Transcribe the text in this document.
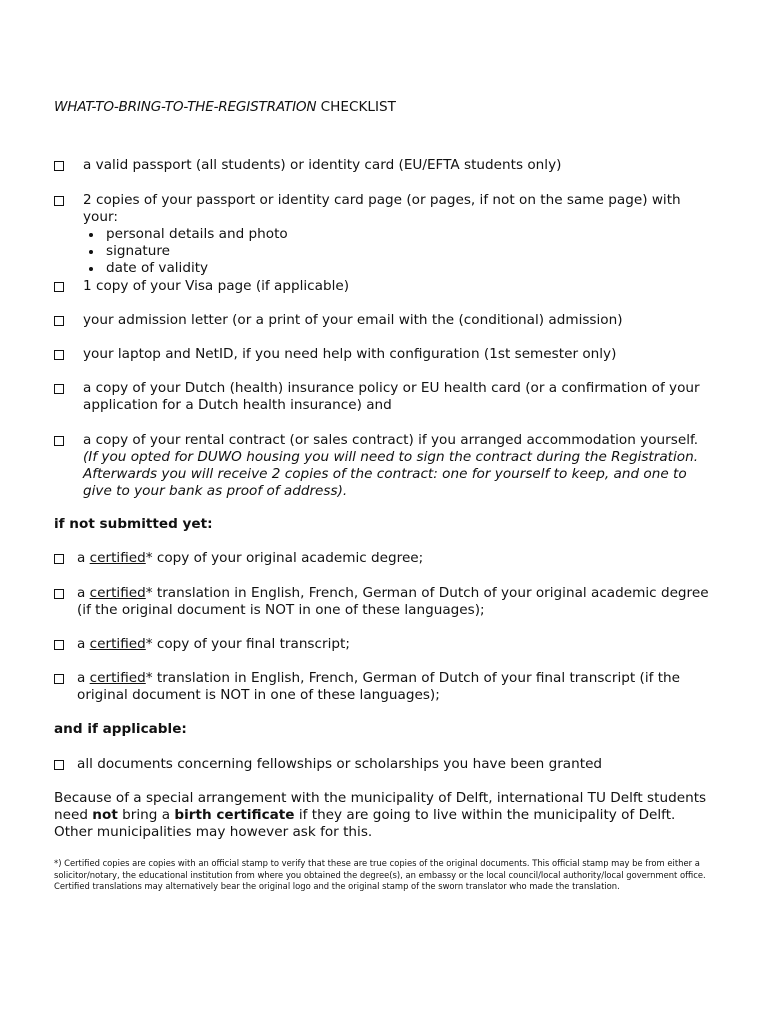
WHAT-TO-BRING-TO-THE-REGISTRATION CHECKLIST
a valid passport (all students) or identity card (EU/EFTA students only)
2 copies of your passport or identity card page (or pages, if not on the same page) with your:
personal details and photo
signature
date of validity
1 copy of your Visa page (if applicable)
your admission letter (or a print of your email with the (conditional) admission)
your laptop and NetID, if you need help with configuration (1st semester only)
a copy of your Dutch (health) insurance policy or EU health card (or a confirmation of your application for a Dutch health insurance) and
a copy of your rental contract (or sales contract) if you arranged accommodation yourself.
(If you opted for DUWO housing you will need to sign the contract during the Registration. Afterwards you will receive 2 copies of the contract: one for yourself to keep, and one to give to your bank as proof of address).
if not submitted yet:
a certified* copy of your original academic degree;
a certified* translation in English, French, German of Dutch of your original academic degree (if the original document is NOT in one of these languages);
a certified* copy of your final transcript;
a certified* translation in English, French, German of Dutch of your final transcript (if the original document is NOT in one of these languages);
and if applicable:
all documents concerning fellowships or scholarships you have been granted
Because of a special arrangement with the municipality of Delft, international TU Delft students need not bring a birth certificate if they are going to live within the municipality of Delft. Other municipalities may however ask for this.
*) Certified copies are copies with an official stamp to verify that these are true copies of the original documents. This official stamp may be from either a solicitor/notary, the educational institution from where you obtained the degree(s), an embassy or the local council/local authority/local government office. Certified translations may alternatively bear the original logo and the original stamp of the sworn translator who made the translation.
